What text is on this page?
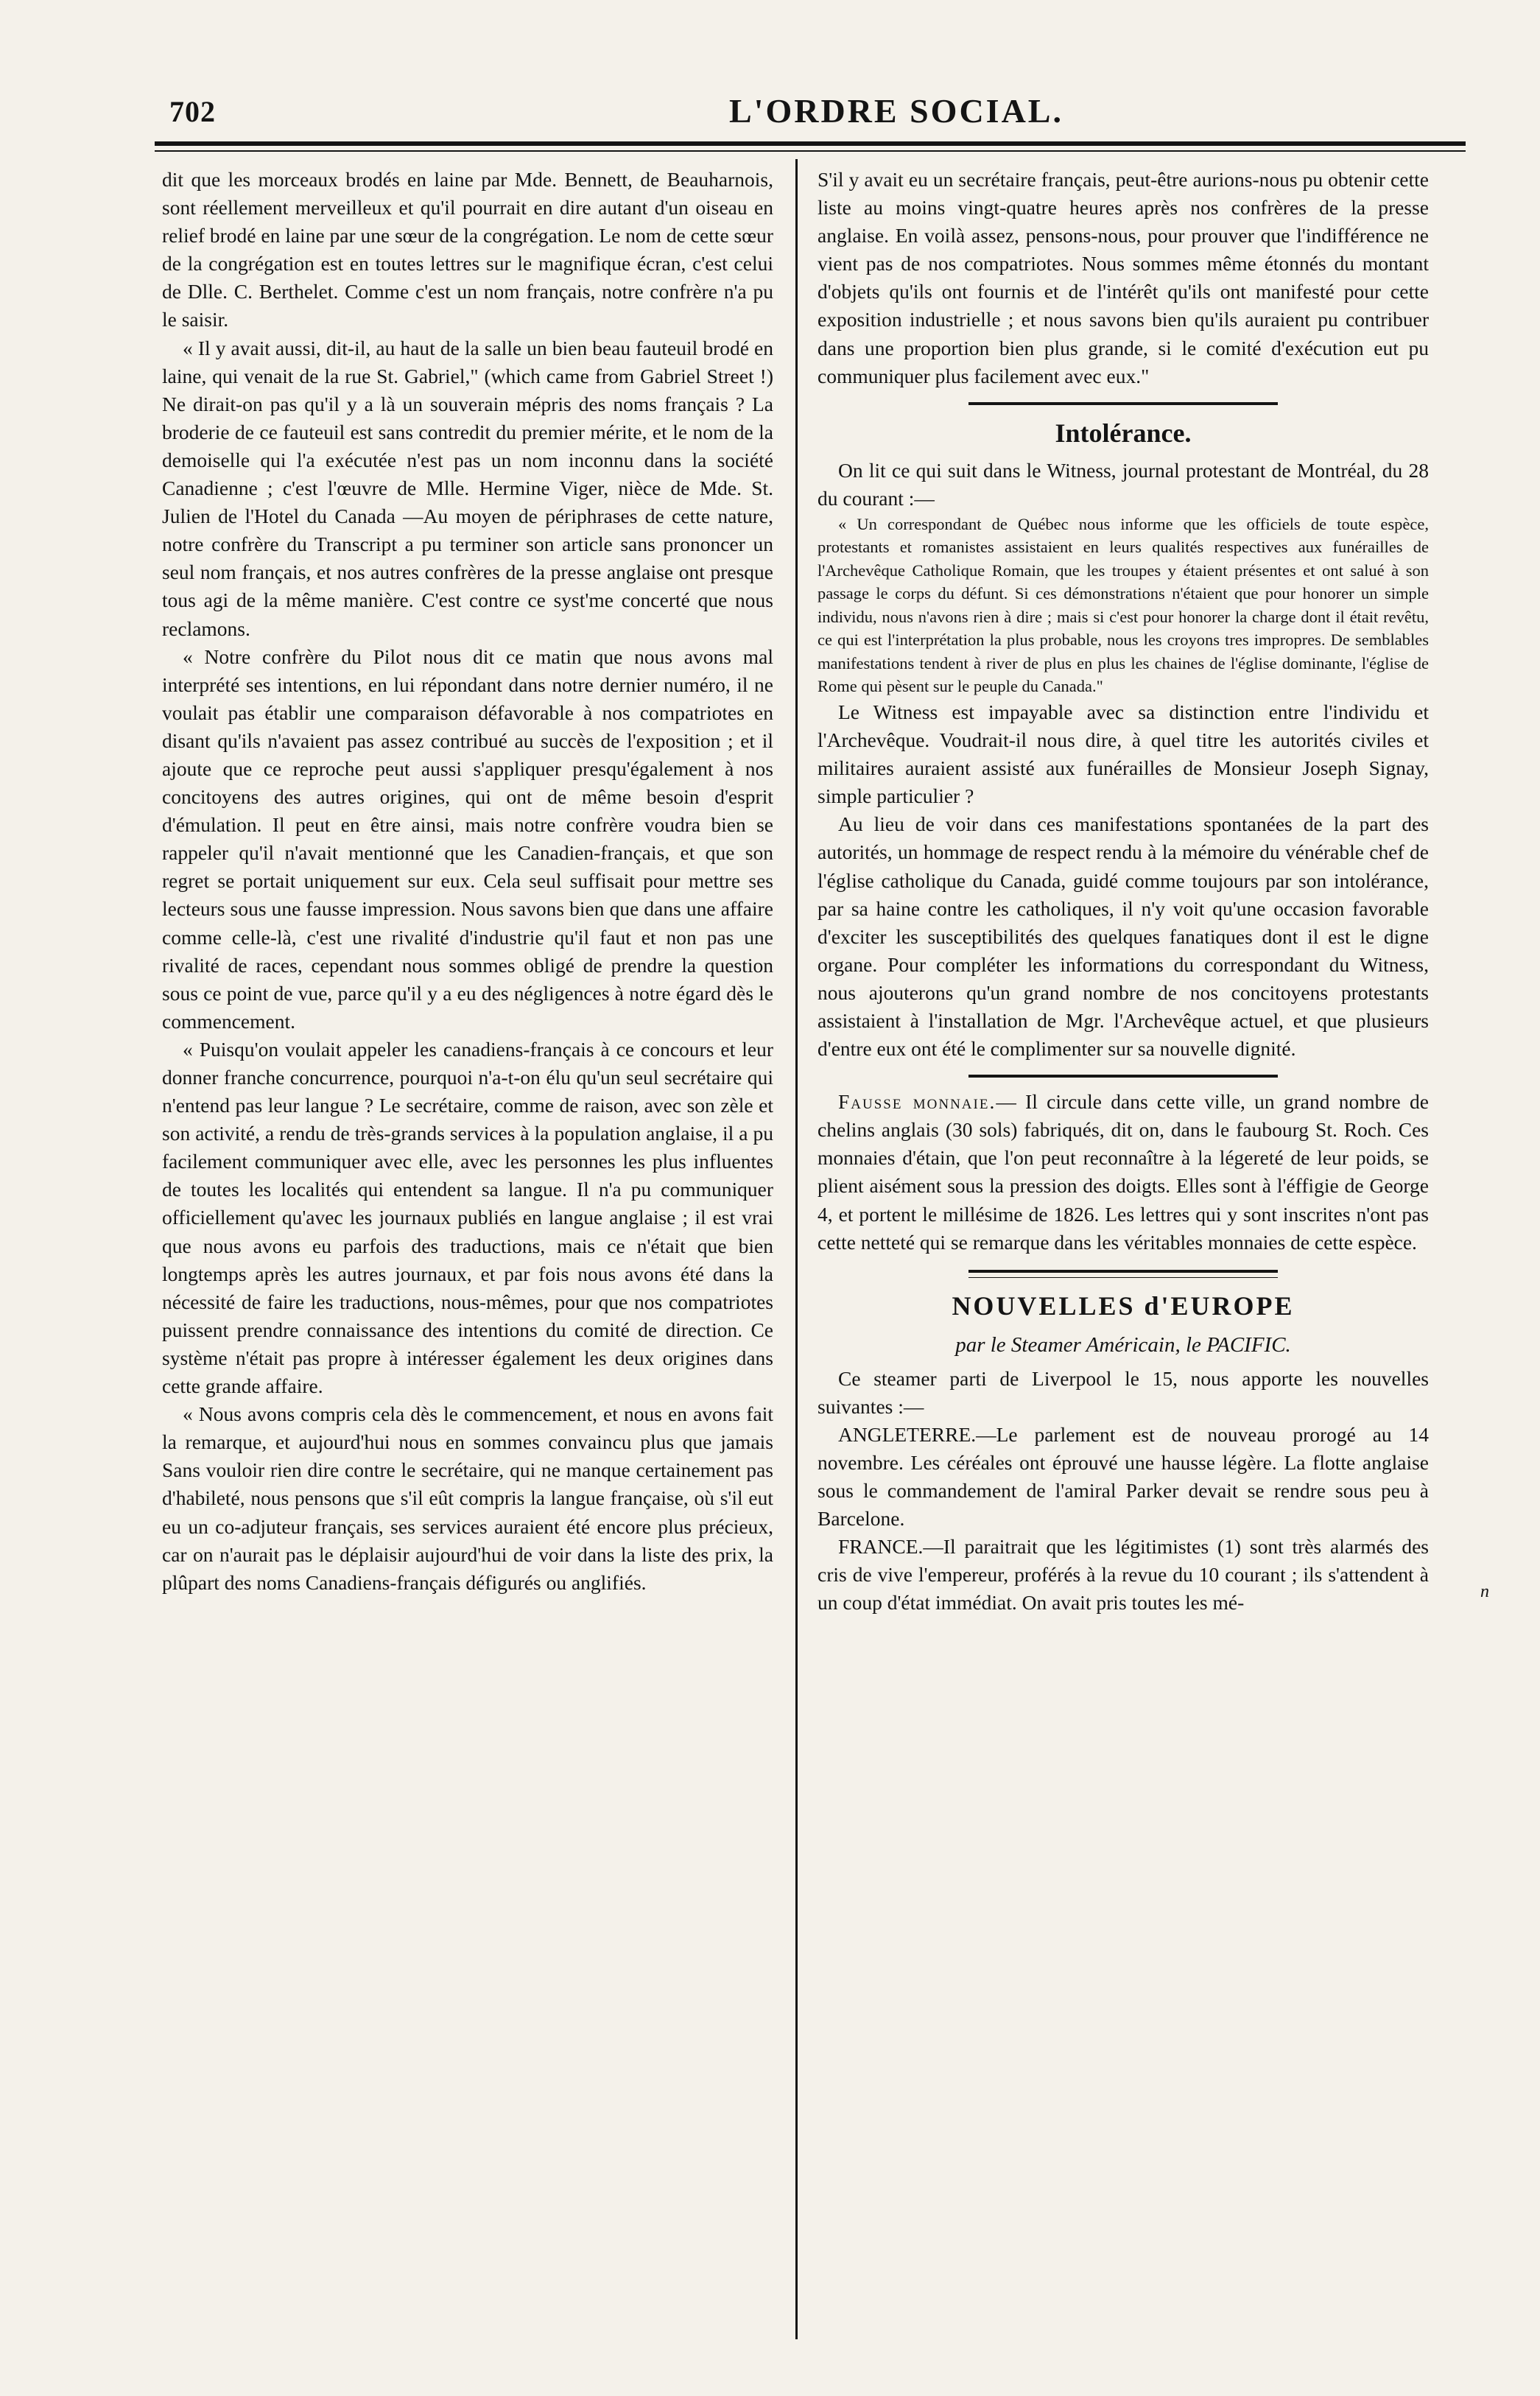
702	L'ORDRE SOCIAL.

dit que les morceaux brodés en laine par Mde. Bennett, de Beauharnois, sont réellement merveilleux et qu'il pourrait en dire autant d'un oiseau en relief brodé en laine par une sœur de la congrégation. Le nom de cette sœur de la congrégation est en toutes lettres sur le magnifique écran, c'est celui de Dlle. C. Berthelet. Comme c'est un nom français, notre confrère n'a pu le saisir.

« Il y avait aussi, dit-il, au haut de la salle un bien beau fauteuil brodé en laine, qui venait de la rue St. Gabriel," (which came from Gabriel Street !) Ne dirait-on pas qu'il y a là un souverain mépris des noms français ? La broderie de ce fauteuil est sans contredit du premier mérite, et le nom de la demoiselle qui l'a exécutée n'est pas un nom inconnu dans la société Canadienne ; c'est l'œuvre de Mlle. Hermine Viger, nièce de Mde. St. Julien de l'Hotel du Canada —Au moyen de périphrases de cette nature, notre confrère du Transcript a pu terminer son article sans prononcer un seul nom français, et nos autres confrères de la presse anglaise ont presque tous agi de la même manière. C'est contre ce syst'me concerté que nous reclamons.

« Notre confrère du Pilot nous dit ce matin que nous avons mal interprété ses intentions, en lui répondant dans notre dernier numéro, il ne voulait pas établir une comparaison défavorable à nos compatriotes en disant qu'ils n'avaient pas assez contribué au succès de l'exposition ; et il ajoute que ce reproche peut aussi s'appliquer presqu'également à nos concitoyens des autres origines, qui ont de même besoin d'esprit d'émulation. Il peut en être ainsi, mais notre confrère voudra bien se rappeler qu'il n'avait mentionné que les Canadien-français, et que son regret se portait uniquement sur eux. Cela seul suffisait pour mettre ses lecteurs sous une fausse impression. Nous savons bien que dans une affaire comme celle-là, c'est une rivalité d'industrie qu'il faut et non pas une rivalité de races, cependant nous sommes obligé de prendre la question sous ce point de vue, parce qu'il y a eu des négligences à notre égard dès le commencement.

« Puisqu'on voulait appeler les canadiens-français à ce concours et leur donner franche concurrence, pourquoi n'a-t-on élu qu'un seul secrétaire qui n'entend pas leur langue ? Le secrétaire, comme de raison, avec son zèle et son activité, a rendu de très-grands services à la population anglaise, il a pu facilement communiquer avec elle, avec les personnes les plus influentes de toutes les localités qui entendent sa langue. Il n'a pu communiquer officiellement qu'avec les journaux publiés en langue anglaise ; il est vrai que nous avons eu parfois des traductions, mais ce n'était que bien longtemps après les autres journaux, et par fois nous avons été dans la nécessité de faire les traductions, nous-mêmes, pour que nos compatriotes puissent prendre connaissance des intentions du comité de direction. Ce système n'était pas propre à intéresser également les deux origines dans cette grande affaire.

« Nous avons compris cela dès le commencement, et nous en avons fait la remarque, et aujourd'hui nous en sommes convaincu plus que jamais Sans vouloir rien dire contre le secrétaire, qui ne manque certainement pas d'habileté, nous pensons que s'il eût compris la langue française, où s'il eut eu un co-adjuteur français, ses services auraient été encore plus précieux, car on n'aurait pas le déplaisir aujourd'hui de voir dans la liste des prix, la plûpart des noms Canadiens-français défigurés ou anglifiés.

S'il y avait eu un secrétaire français, peut-être aurions-nous pu obtenir cette liste au moins vingt-quatre heures après nos confrères de la presse anglaise. En voilà assez, pensons-nous, pour prouver que l'indifférence ne vient pas de nos compatriotes. Nous sommes même étonnés du montant d'objets qu'ils ont fournis et de l'intérêt qu'ils ont manifesté pour cette exposition industrielle ; et nous savons bien qu'ils auraient pu contribuer dans une proportion bien plus grande, si le comité d'exécution eut pu communiquer plus facilement avec eux."

Intolérance.

On lit ce qui suit dans le Witness, journal protestant de Montréal, du 28 du courant :—

« Un correspondant de Québec nous informe que les officiels de toute espèce, protestants et romanistes assistaient en leurs qualités respectives aux funérailles de l'Archevêque Catholique Romain, que les troupes y étaient présentes et ont salué à son passage le corps du défunt. Si ces démonstrations n'étaient que pour honorer un simple individu, nous n'avons rien à dire ; mais si c'est pour honorer la charge dont il était revêtu, ce qui est l'interprétation la plus probable, nous les croyons tres impropres. De semblables manifestations tendent à river de plus en plus les chaines de l'église dominante, l'église de Rome qui pèsent sur le peuple du Canada."

Le Witness est impayable avec sa distinction entre l'individu et l'Archevêque. Voudrait-il nous dire, à quel titre les autorités civiles et militaires auraient assisté aux funérailles de Monsieur Joseph Signay, simple particulier ?

Au lieu de voir dans ces manifestations spontanées de la part des autorités, un hommage de respect rendu à la mémoire du vénérable chef de l'église catholique du Canada, guidé comme toujours par son intolérance, par sa haine contre les catholiques, il n'y voit qu'une occasion favorable d'exciter les susceptibilités des quelques fanatiques dont il est le digne organe. Pour compléter les informations du correspondant du Witness, nous ajouterons qu'un grand nombre de nos concitoyens protestants assistaient à l'installation de Mgr. l'Archevêque actuel, et que plusieurs d'entre eux ont été le complimenter sur sa nouvelle dignité.

Fausse monnaie.— Il circule dans cette ville, un grand nombre de chelins anglais (30 sols) fabriqués, dit on, dans le faubourg St. Roch. Ces monnaies d'étain, que l'on peut reconnaître à la légereté de leur poids, se plient aisément sous la pression des doigts. Elles sont à l'éffigie de George 4, et portent le millésime de 1826. Les lettres qui y sont inscrites n'ont pas cette netteté qui se remarque dans les véritables monnaies de cette espèce.

NOUVELLES d'EUROPE
par le Steamer Américain, le PACIFIC.

Ce steamer parti de Liverpool le 15, nous apporte les nouvelles suivantes :—

ANGLETERRE.—Le parlement est de nouveau prorogé au 14 novembre. Les céréales ont éprouvé une hausse légère. La flotte anglaise sous le commandement de l'amiral Parker devait se rendre sous peu à Barcelone.

FRANCE.—Il paraitrait que les légitimistes (1) sont très alarmés des cris de vive l'empereur, proférés à la revue du 10 courant ; ils s'attendent à un coup d'état immédiat. On avait pris toutes les mé-	n
